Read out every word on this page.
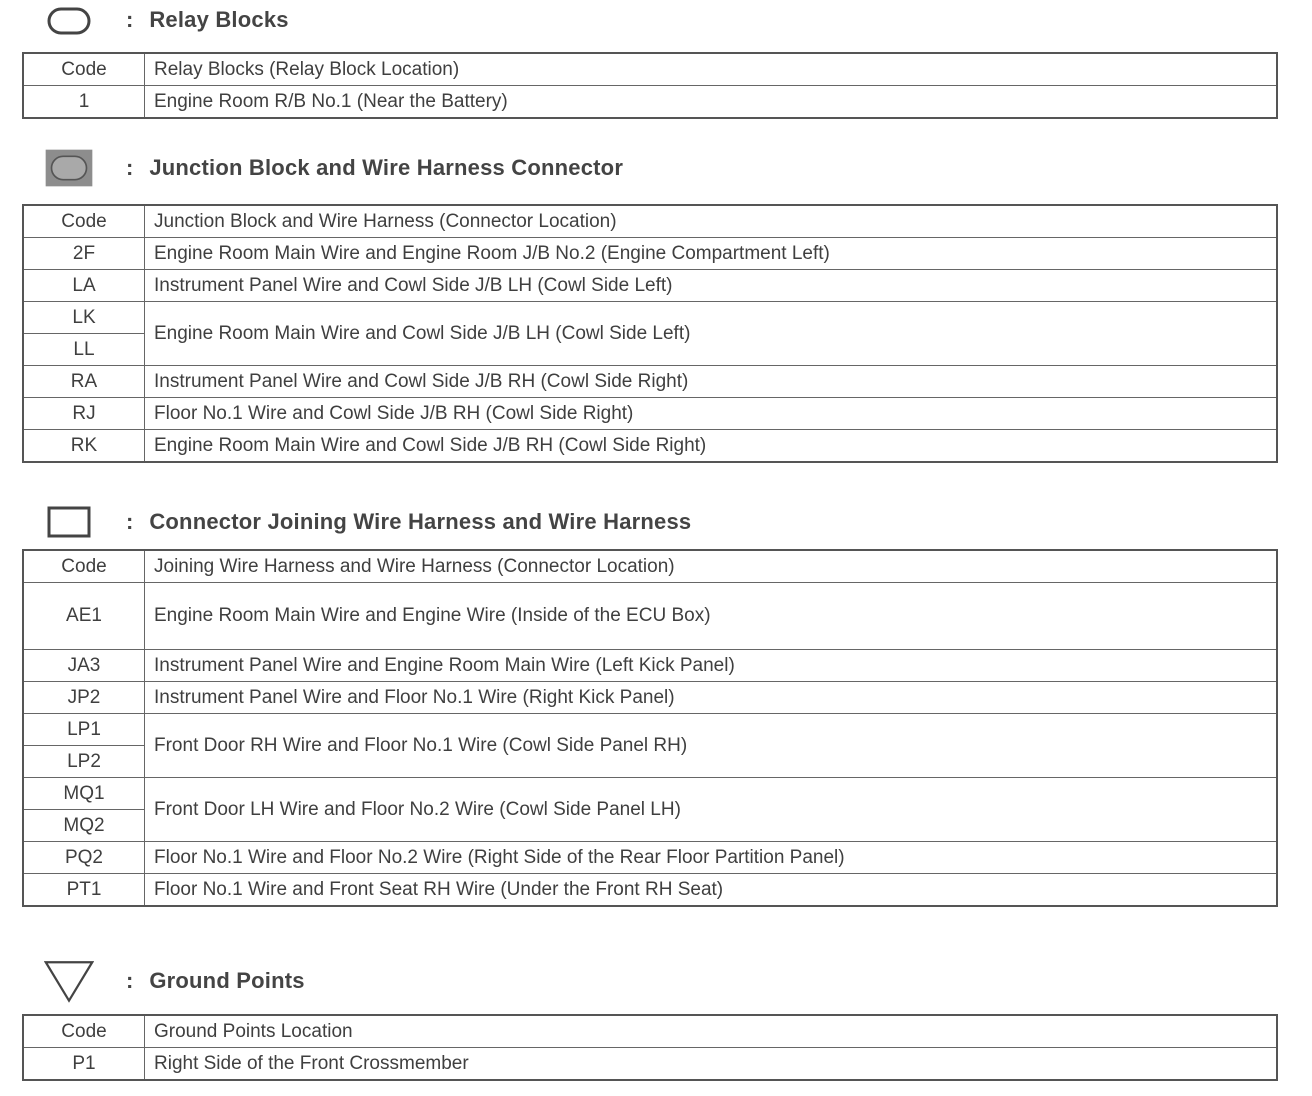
: Relay Blocks
Code	Relay Blocks (Relay Block Location)
1	Engine Room R/B No.1 (Near the Battery)
: Junction Block and Wire Harness Connector
Code	Junction Block and Wire Harness (Connector Location)
2F	Engine Room Main Wire and Engine Room J/B No.2 (Engine Compartment Left)
LA	Instrument Panel Wire and Cowl Side J/B LH (Cowl Side Left)
LK	Engine Room Main Wire and Cowl Side J/B LH (Cowl Side Left)
LL	
RA	Instrument Panel Wire and Cowl Side J/B RH (Cowl Side Right)
RJ	Floor No.1 Wire and Cowl Side J/B RH (Cowl Side Right)
RK	Engine Room Main Wire and Cowl Side J/B RH (Cowl Side Right)
: Connector Joining Wire Harness and Wire Harness
Code	Joining Wire Harness and Wire Harness (Connector Location)
AE1	Engine Room Main Wire and Engine Wire (Inside of the ECU Box)
JA3	Instrument Panel Wire and Engine Room Main Wire (Left Kick Panel)
JP2	Instrument Panel Wire and Floor No.1 Wire (Right Kick Panel)
LP1	Front Door RH Wire and Floor No.1 Wire (Cowl Side Panel RH)
LP2	
MQ1	Front Door LH Wire and Floor No.2 Wire (Cowl Side Panel LH)
MQ2	
PQ2	Floor No.1 Wire and Floor No.2 Wire (Right Side of the Rear Floor Partition Panel)
PT1	Floor No.1 Wire and Front Seat RH Wire (Under the Front RH Seat)
: Ground Points
Code	Ground Points Location
P1	Right Side of the Front Crossmember
